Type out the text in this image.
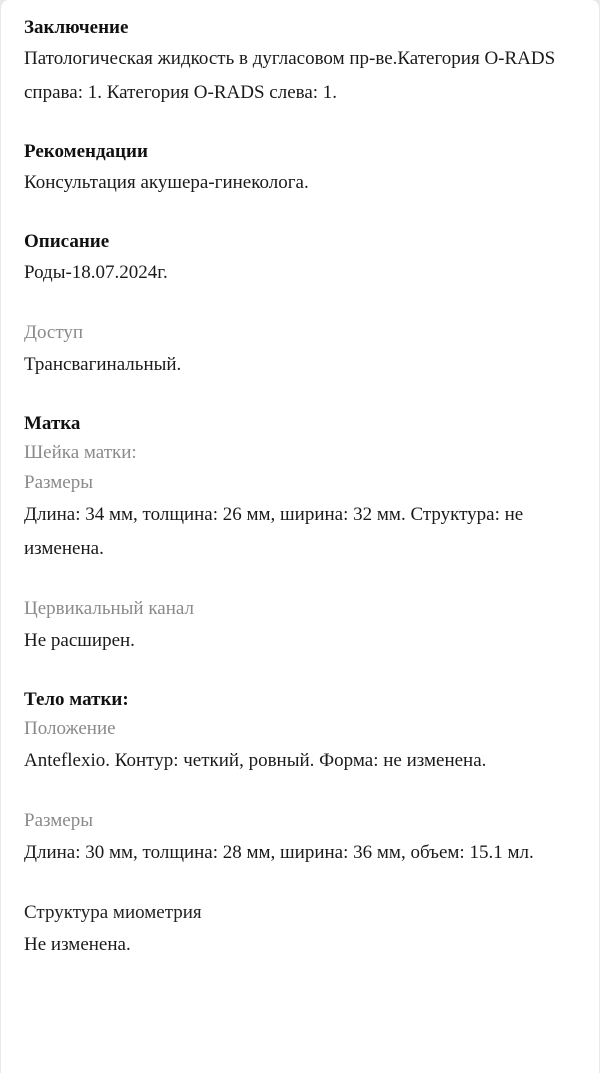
Заключение
Патологическая жидкость в дугласовом пр-ве.Категория O-RADS справа: 1. Категория O-RADS слева: 1.
Рекомендации
Консультация акушера-гинеколога.
Описание
Роды-18.07.2024г.
Доступ
Трансвагинальный.
Матка
Шейка матки:
Размеры
Длина: 34 мм, толщина: 26 мм, ширина: 32 мм. Структура: не изменена.
Цервикальный канал
Не расширен.
Тело матки:
Положение
Anteflexio. Контур: четкий, ровный. Форма: не изменена.
Размеры
Длина: 30 мм, толщина: 28 мм, ширина: 36 мм, объем: 15.1 мл.
Структура миометрия
Не изменена.
